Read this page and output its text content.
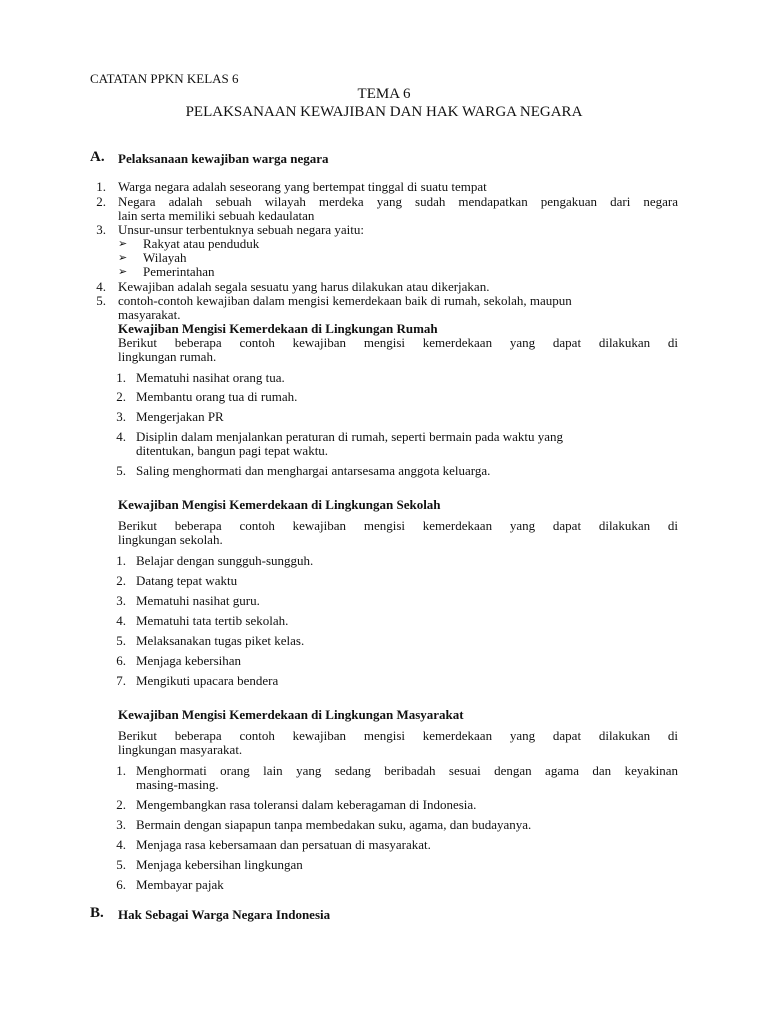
CATATAN PPKN KELAS 6
TEMA 6
PELAKSANAAN KEWAJIBAN DAN HAK WARGA NEGARA
A. Pelaksanaan kewajiban warga negara
1. Warga negara adalah seseorang yang bertempat tinggal di suatu tempat
2. Negara adalah sebuah wilayah merdeka yang sudah mendapatkan pengakuan dari negara
lain serta memiliki sebuah kedaulatan
3. Unsur-unsur terbentuknya sebuah negara yaitu:
➢ Rakyat atau penduduk
➢ Wilayah
➢ Pemerintahan
4. Kewajiban adalah segala sesuatu yang harus dilakukan atau dikerjakan.
5. contoh-contoh kewajiban dalam mengisi kemerdekaan baik di rumah, sekolah, maupun
masyarakat.
Kewajiban Mengisi Kemerdekaan di Lingkungan Rumah
Berikut beberapa contoh kewajiban mengisi kemerdekaan yang dapat dilakukan di
lingkungan rumah.
1. Mematuhi nasihat orang tua.
2. Membantu orang tua di rumah.
3. Mengerjakan PR
4. Disiplin dalam menjalankan peraturan di rumah, seperti bermain pada waktu yang
ditentukan, bangun pagi tepat waktu.
5. Saling menghormati dan menghargai antarsesama anggota keluarga.
Kewajiban Mengisi Kemerdekaan di Lingkungan Sekolah
Berikut beberapa contoh kewajiban mengisi kemerdekaan yang dapat dilakukan di
lingkungan sekolah.
1. Belajar dengan sungguh-sungguh.
2. Datang tepat waktu
3. Mematuhi nasihat guru.
4. Mematuhi tata tertib sekolah.
5. Melaksanakan tugas piket kelas.
6. Menjaga kebersihan
7. Mengikuti upacara bendera
Kewajiban Mengisi Kemerdekaan di Lingkungan Masyarakat
Berikut beberapa contoh kewajiban mengisi kemerdekaan yang dapat dilakukan di
lingkungan masyarakat.
1. Menghormati orang lain yang sedang beribadah sesuai dengan agama dan keyakinan
masing-masing.
2. Mengembangkan rasa toleransi dalam keberagaman di Indonesia.
3. Bermain dengan siapapun tanpa membedakan suku, agama, dan budayanya.
4. Menjaga rasa kebersamaan dan persatuan di masyarakat.
5. Menjaga kebersihan lingkungan
6. Membayar pajak
B. Hak Sebagai Warga Negara Indonesia
